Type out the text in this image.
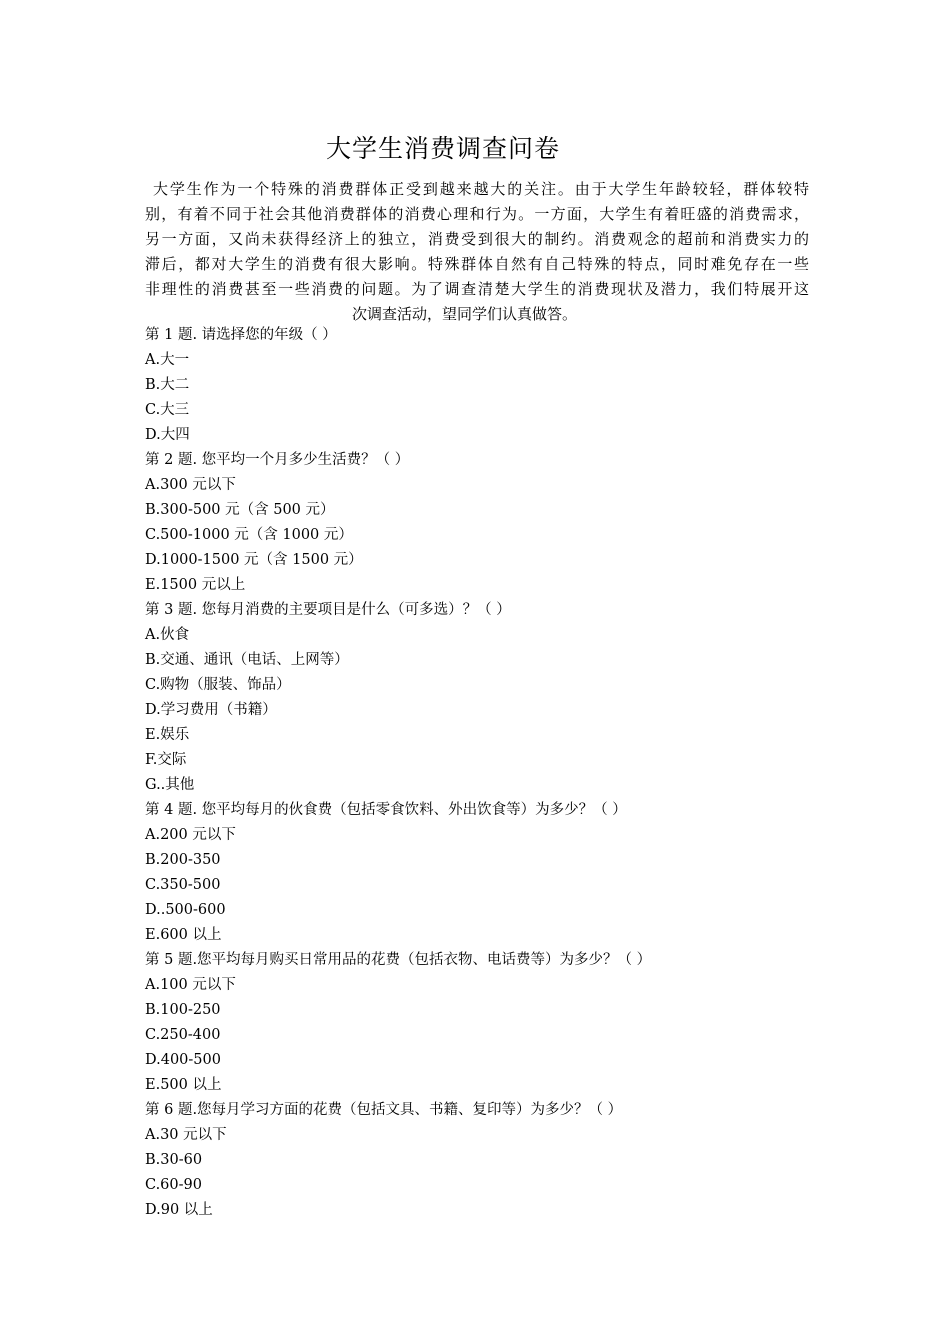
大学生消费调查问卷
大学生作为一个特殊的消费群体正受到越来越大的关注。由于大学生年龄较轻，群体较特
别，有着不同于社会其他消费群体的消费心理和行为。一方面，大学生有着旺盛的消费需求，
另一方面，又尚未获得经济上的独立，消费受到很大的制约。消费观念的超前和消费实力的
滞后，都对大学生的消费有很大影响。特殊群体自然有自己特殊的特点，同时难免存在一些
非理性的消费甚至一些消费的问题。为了调查清楚大学生的消费现状及潜力，我们特展开这
次调查活动，望同学们认真做答。
第 1 题. 请选择您的年级（ ）
A.大一
B.大二
C.大三
D.大四
第 2 题. 您平均一个月多少生活费？（ ）
A.300 元以下
B.300-500 元（含 500 元）
C.500-1000 元（含 1000 元）
D.1000-1500 元（含 1500 元）
E.1500 元以上
第 3 题. 您每月消费的主要项目是什么（可多选）？（ ）
A.伙食
B.交通、通讯（电话、上网等）
C.购物（服装、饰品）
D.学习费用（书籍）
E.娱乐
F.交际
G..其他
第 4 题. 您平均每月的伙食费（包括零食饮料、外出饮食等）为多少？（ ）
A.200 元以下
B.200-350
C.350-500
D..500-600
E.600 以上
第 5 题.您平均每月购买日常用品的花费（包括衣物、电话费等）为多少？（ ）
A.100 元以下
B.100-250
C.250-400
D.400-500
E.500 以上
第 6 题.您每月学习方面的花费（包括文具、书籍、复印等）为多少？（ ）
A.30 元以下
B.30-60
C.60-90
D.90 以上
